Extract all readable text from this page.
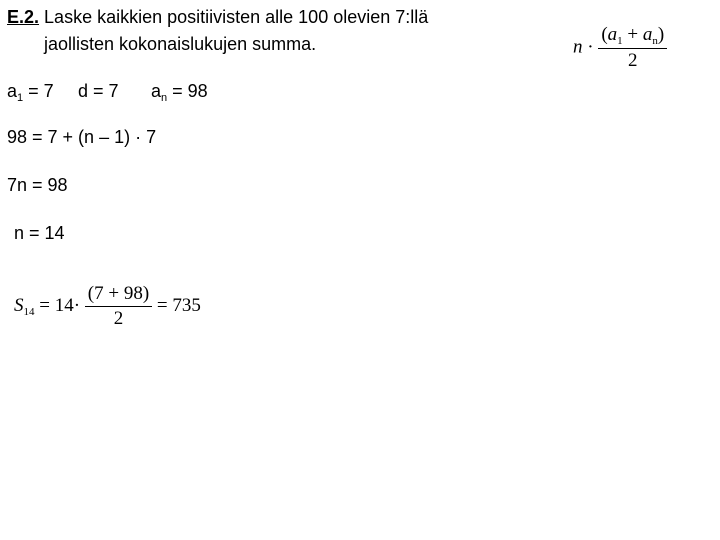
E.2. Laske kaikkien positiivisten alle 100 olevien 7:llä
jaollisten kokonaislukujen summa.	$n \cdot \frac{(a_1 + a_n)}{2}$
$a_1 = 7$ d = 7 $a_n = 98$
98 = 7 + (n – 1) · 7
7n = 98
n = 14
$S_{14} = 14\cdot \frac{(7 + 98)}{2} = 735$
